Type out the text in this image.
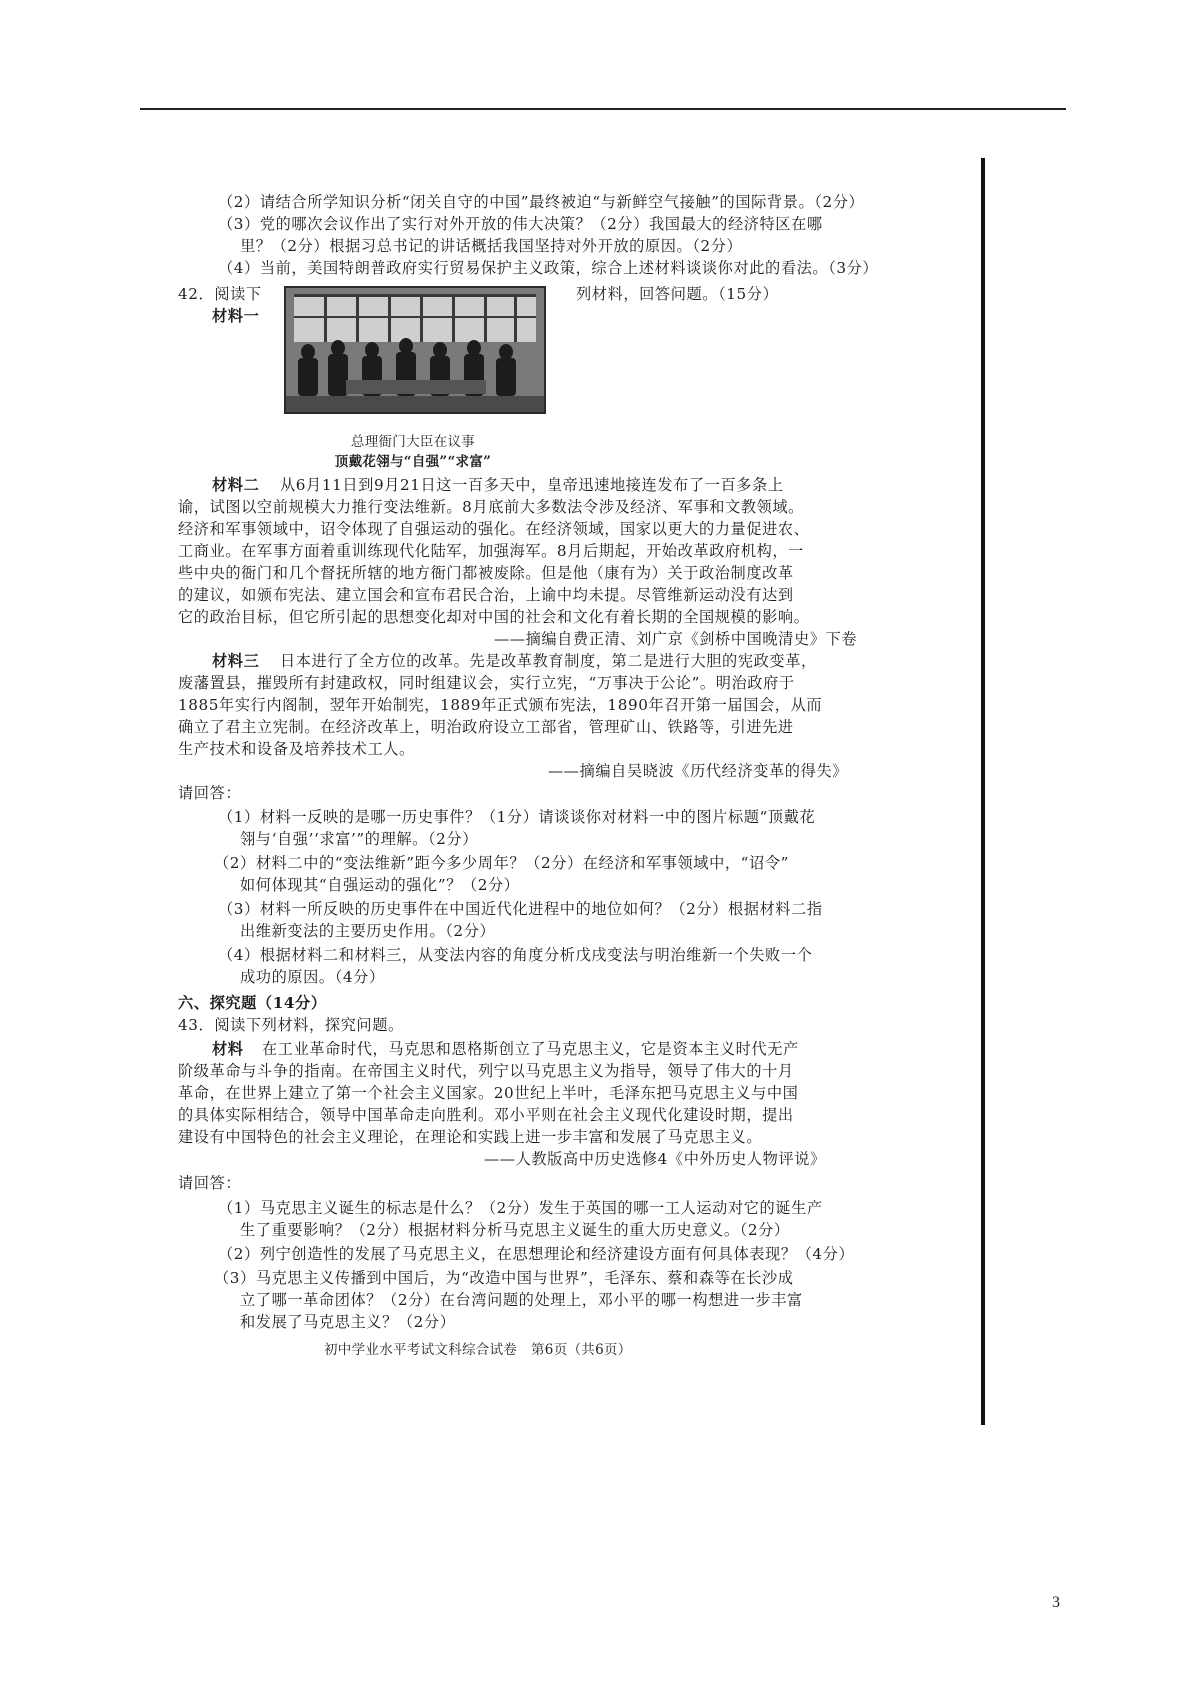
（2）请结合所学知识分析“闭关自守的中国”最终被迫“与新鲜空气接触”的国际背景。（2分）
（3）党的哪次会议作出了实行对外开放的伟大决策？（2分）我国最大的经济特区在哪
里？（2分）根据习总书记的讲话概括我国坚持对外开放的原因。（2分）
（4）当前，美国特朗普政府实行贸易保护主义政策，综合上述材料谈谈你对此的看法。（3分）
42．阅读下	列材料，回答问题。（15分）
材料一
总理衙门大臣在议事
顶戴花翎与“自强”“求富”
材料二 从6月11日到9月21日这一百多天中，皇帝迅速地接连发布了一百多条上
谕，试图以空前规模大力推行变法维新。8月底前大多数法令涉及经济、军事和文教领域。
经济和军事领域中，诏令体现了自强运动的强化。在经济领域，国家以更大的力量促进农、
工商业。在军事方面着重训练现代化陆军，加强海军。8月后期起，开始改革政府机构，一
些中央的衙门和几个督抚所辖的地方衙门都被废除。但是他（康有为）关于政治制度改革
的建议，如颁布宪法、建立国会和宣布君民合治，上谕中均未提。尽管维新运动没有达到
它的政治目标，但它所引起的思想变化却对中国的社会和文化有着长期的全国规模的影响。
——摘编自费正清、刘广京《剑桥中国晚清史》下卷
材料三 日本进行了全方位的改革。先是改革教育制度，第二是进行大胆的宪政变革，
废藩置县，摧毁所有封建政权，同时组建议会，实行立宪，“万事决于公论”。明治政府于
1885年实行内阁制，翌年开始制宪，1889年正式颁布宪法，1890年召开第一届国会，从而
确立了君主立宪制。在经济改革上，明治政府设立工部省，管理矿山、铁路等，引进先进
生产技术和设备及培养技术工人。
——摘编自吴晓波《历代经济变革的得失》
请回答：
（1）材料一反映的是哪一历史事件？（1分）请谈谈你对材料一中的图片标题“顶戴花
翎与‘自强’‘求富’”的理解。（2分）
（2）材料二中的“变法维新”距今多少周年？（2分）在经济和军事领域中，“诏令”
如何体现其“自强运动的强化”？（2分）
（3）材料一所反映的历史事件在中国近代化进程中的地位如何？（2分）根据材料二指
出维新变法的主要历史作用。（2分）
（4）根据材料二和材料三，从变法内容的角度分析戊戌变法与明治维新一个失败一个
成功的原因。（4分）
六、探究题（14分）
43．阅读下列材料，探究问题。
材料 在工业革命时代，马克思和恩格斯创立了马克思主义，它是资本主义时代无产
阶级革命与斗争的指南。在帝国主义时代，列宁以马克思主义为指导，领导了伟大的十月
革命，在世界上建立了第一个社会主义国家。20世纪上半叶，毛泽东把马克思主义与中国
的具体实际相结合，领导中国革命走向胜利。邓小平则在社会主义现代化建设时期，提出
建设有中国特色的社会主义理论，在理论和实践上进一步丰富和发展了马克思主义。
——人教版高中历史选修4《中外历史人物评说》
请回答：
（1）马克思主义诞生的标志是什么？（2分）发生于英国的哪一工人运动对它的诞生产
生了重要影响？（2分）根据材料分析马克思主义诞生的重大历史意义。（2分）
（2）列宁创造性的发展了马克思主义，在思想理论和经济建设方面有何具体表现？（4分）
（3）马克思主义传播到中国后，为“改造中国与世界”，毛泽东、蔡和森等在长沙成
立了哪一革命团体？（2分）在台湾问题的处理上，邓小平的哪一构想进一步丰富
和发展了马克思主义？（2分）
初中学业水平考试文科综合试卷　第6页（共6页）
3
